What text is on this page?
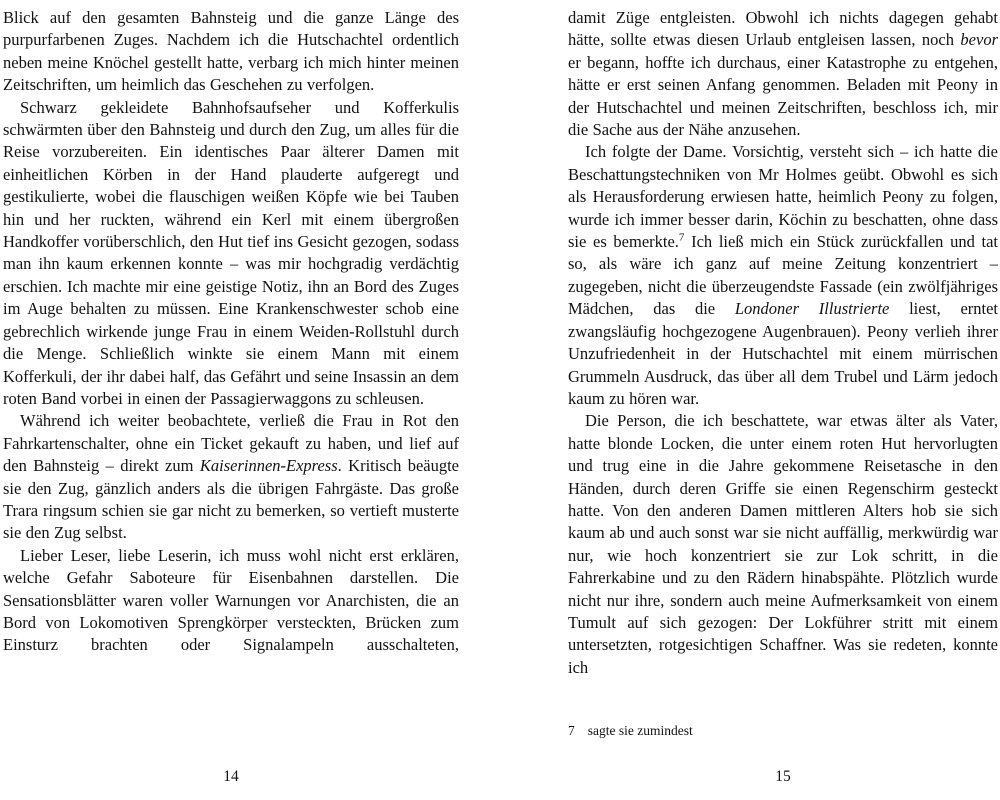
Blick auf den gesamten Bahnsteig und die ganze Länge des purpurfarbenen Zuges. Nachdem ich die Hutschachtel ordentlich neben meine Knöchel gestellt hatte, verbarg ich mich hinter meinen Zeitschriften, um heimlich das Geschehen zu verfolgen.

Schwarz gekleidete Bahnhofsaufseher und Kofferkulis schwärmten über den Bahnsteig und durch den Zug, um alles für die Reise vorzubereiten. Ein identisches Paar älterer Damen mit einheitlichen Körben in der Hand plauderte aufgeregt und gestikulierte, wobei die flauschigen weißen Köpfe wie bei Tauben hin und her ruckten, während ein Kerl mit einem übergroßen Handkoffer vorüberschlich, den Hut tief ins Gesicht gezogen, sodass man ihn kaum erkennen konnte – was mir hochgradig verdächtig erschien. Ich machte mir eine geistige Notiz, ihn an Bord des Zuges im Auge behalten zu müssen. Eine Krankenschwester schob eine gebrechlich wirkende junge Frau in einem Weiden-Rollstuhl durch die Menge. Schließlich winkte sie einem Mann mit einem Kofferkuli, der ihr dabei half, das Gefährt und seine Insassin an dem roten Band vorbei in einen der Passagierwaggons zu schleusen.

Während ich weiter beobachtete, verließ die Frau in Rot den Fahrkartenschalter, ohne ein Ticket gekauft zu haben, und lief auf den Bahnsteig – direkt zum Kaiserinnen-Express. Kritisch beäugte sie den Zug, gänzlich anders als die übrigen Fahrgäste. Das große Trara ringsum schien sie gar nicht zu bemerken, so vertieft musterte sie den Zug selbst.

Lieber Leser, liebe Leserin, ich muss wohl nicht erst erklären, welche Gefahr Saboteure für Eisenbahnen darstellen. Die Sensationsblätter waren voller Warnungen vor Anarchisten, die an Bord von Lokomotiven Sprengkörper versteckten, Brücken zum Einsturz brachten oder Signalampeln ausschalteten,

14

damit Züge entgleisten. Obwohl ich nichts dagegen gehabt hätte, sollte etwas diesen Urlaub entgleisen lassen, noch bevor er begann, hoffte ich durchaus, einer Katastrophe zu entgehen, hätte er erst seinen Anfang genommen. Beladen mit Peony in der Hutschachtel und meinen Zeitschriften, beschloss ich, mir die Sache aus der Nähe anzusehen.

Ich folgte der Dame. Vorsichtig, versteht sich – ich hatte die Beschattungstechniken von Mr Holmes geübt. Obwohl es sich als Herausforderung erwiesen hatte, heimlich Peony zu folgen, wurde ich immer besser darin, Köchin zu beschatten, ohne dass sie es bemerkte.$^7$ Ich ließ mich ein Stück zurückfallen und tat so, als wäre ich ganz auf meine Zeitung konzentriert – zugegeben, nicht die überzeugendste Fassade (ein zwölfjähriges Mädchen, das die Londoner Illustrierte liest, erntet zwangsläufig hochgezogene Augenbrauen). Peony verlieh ihrer Unzufriedenheit in der Hutschachtel mit einem mürrischen Grummeln Ausdruck, das über all dem Trubel und Lärm jedoch kaum zu hören war.

Die Person, die ich beschattete, war etwas älter als Vater, hatte blonde Locken, die unter einem roten Hut hervorlugten und trug eine in die Jahre gekommene Reisetasche in den Händen, durch deren Griffe sie einen Regenschirm gesteckt hatte. Von den anderen Damen mittleren Alters hob sie sich kaum ab und auch sonst war sie nicht auffällig, merkwürdig war nur, wie hoch konzentriert sie zur Lok schritt, in die Fahrerkabine und zu den Rädern hinabspähte. Plötzlich wurde nicht nur ihre, sondern auch meine Aufmerksamkeit von einem Tumult auf sich gezogen: Der Lokführer stritt mit einem untersetzten, rotgesichtigen Schaffner. Was sie redeten, konnte ich

7 sagte sie zumindest
15
